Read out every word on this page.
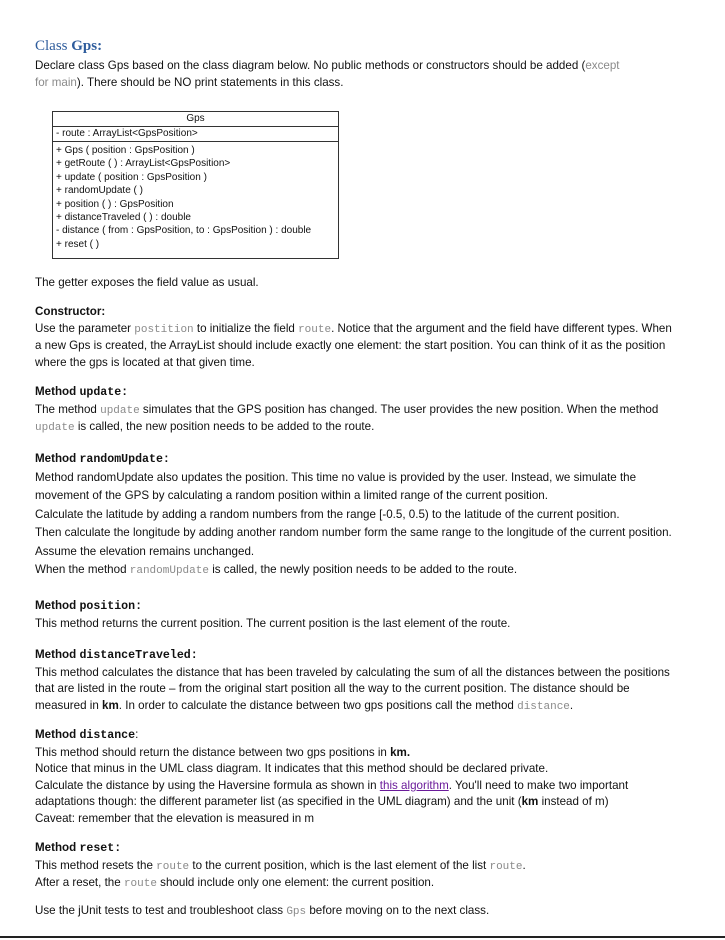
Class Gps:
Declare class Gps based on the class diagram below. No public methods or constructors should be added (except
for main). There should be NO print statements in this class.
Gps
- route : ArrayList<GpsPosition>
+ Gps ( position : GpsPosition )
+ getRoute ( ) : ArrayList<GpsPosition>
+ update ( position : GpsPosition )
+ randomUpdate ( )
+ position ( ) : GpsPosition
+ distanceTraveled ( ) : double
- distance ( from : GpsPosition, to : GpsPosition ) : double
+ reset ( )
The getter exposes the field value as usual.
Constructor:
Use the parameter postition to initialize the field route. Notice that the argument and the field have different types. When a new Gps is created, the ArrayList should include exactly one element: the start position. You can think of it as the position where the gps is located at that given time.
Method update:
The method update simulates that the GPS position has changed. The user provides the new position. When the method update is called, the new position needs to be added to the route.
Method randomUpdate:
Method randomUpdate also updates the position. This time no value is provided by the user. Instead, we simulate the movement of the GPS by calculating a random position within a limited range of the current position.
Calculate the latitude by adding a random numbers from the range [-0.5, 0.5) to the latitude of the current position.
Then calculate the longitude by adding another random number form the same range to the longitude of the current position. Assume the elevation remains unchanged.
When the method randomUpdate is called, the newly position needs to be added to the route.
Method position:
This method returns the current position. The current position is the last element of the route.
Method distanceTraveled:
This method calculates the distance that has been traveled by calculating the sum of all the distances between the positions that are listed in the route – from the original start position all the way to the current position. The distance should be measured in km. In order to calculate the distance between two gps positions call the method distance.
Method distance:
This method should return the distance between two gps positions in km.
Notice that minus in the UML class diagram. It indicates that this method should be declared private.
Calculate the distance by using the Haversine formula as shown in this algorithm. You'll need to make two important adaptations though: the different parameter list (as specified in the UML diagram) and the unit (km instead of m)
Caveat: remember that the elevation is measured in m
Method reset:
This method resets the route to the current position, which is the last element of the list route.
After a reset, the route should include only one element: the current position.
Use the jUnit tests to test and troubleshoot class Gps before moving on to the next class.
